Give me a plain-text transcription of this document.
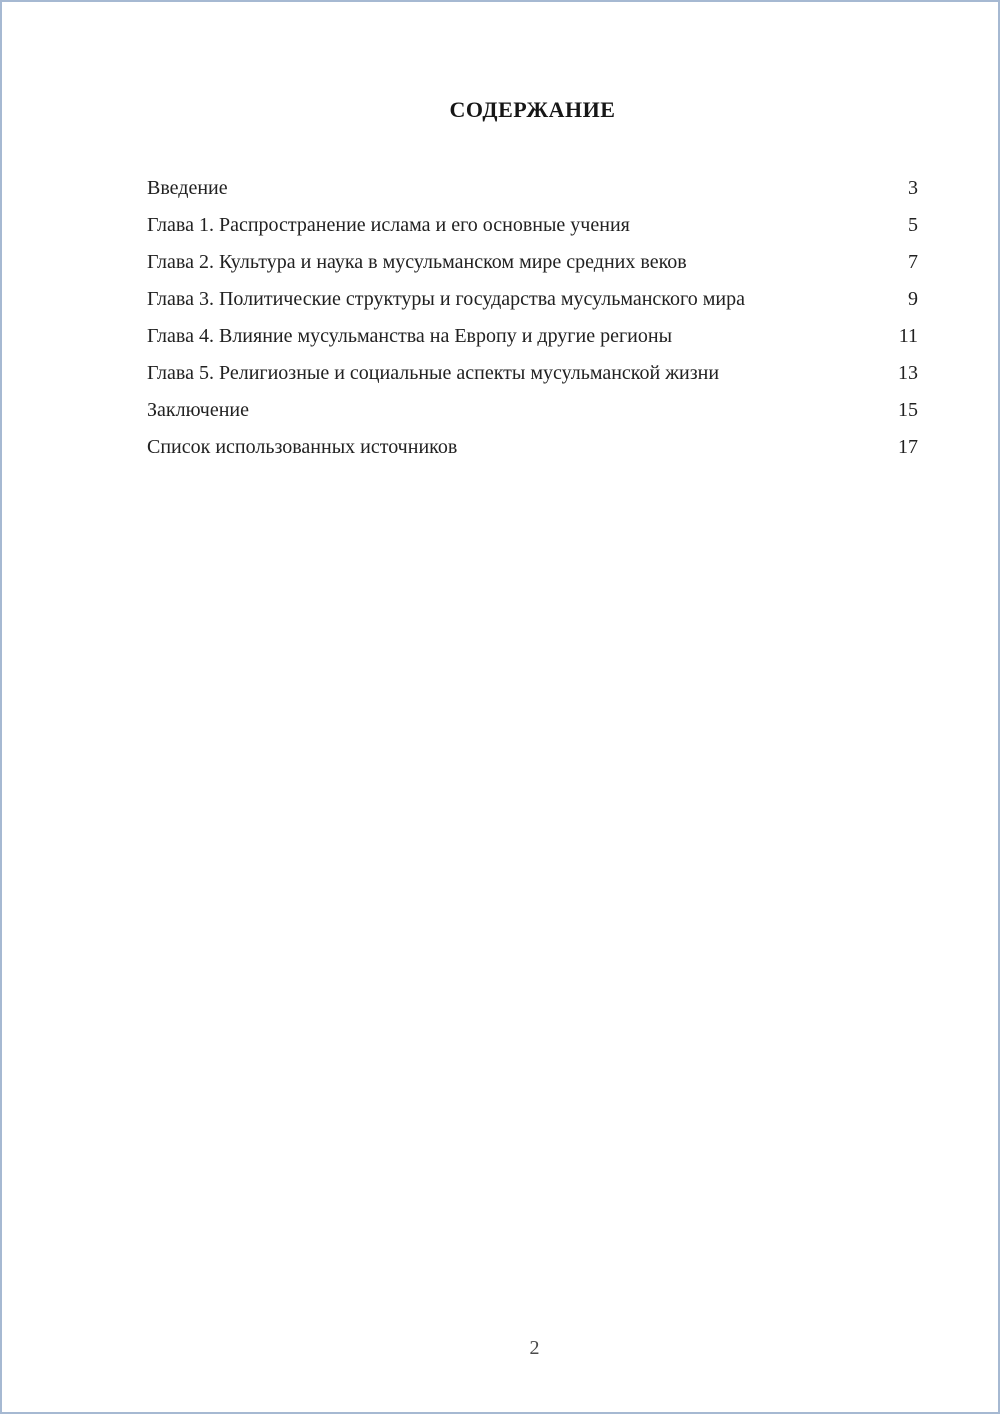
СОДЕРЖАНИЕ
Введение	3
Глава 1. Распространение ислама и его основные учения	5
Глава 2. Культура и наука в мусульманском мире средних веков	7
Глава 3. Политические структуры и государства мусульманского мира	9
Глава 4. Влияние мусульманства на Европу и другие регионы	11
Глава 5. Религиозные и социальные аспекты мусульманской жизни	13
Заключение	15
Список использованных источников	17
2
